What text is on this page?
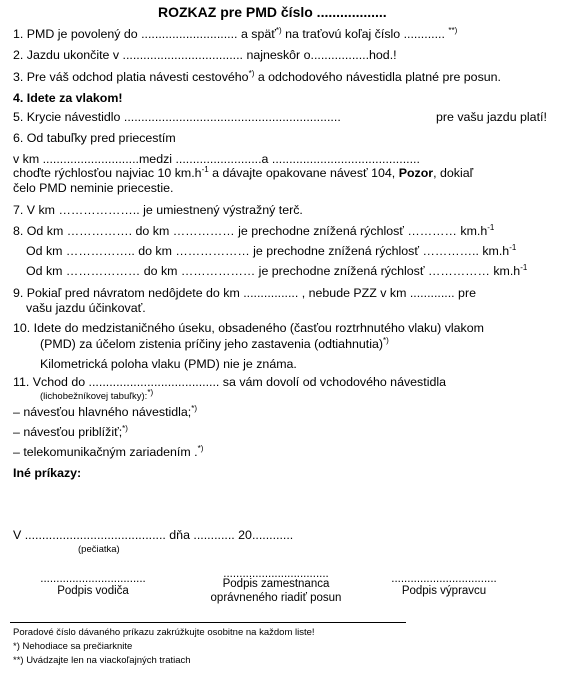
ROZKAZ pre PMD číslo ..................
1. PMD je povolený do ............................ a späť*) na traťovú koľaj číslo ............ **)
2. Jazdu ukončite v ................................... najneskôr o.................hod.!
3. Pre váš odchod platia návesti cestového*) a odchodového návestidla platné pre posun.
4. Idete za vlakom!
5. Krycie návestidlo ...............................................................	pre vašu jazdu platí!
6. Od tabuľky pred priecestím
v km ............................medzi .........................a ...........................................
choďte rýchlosťou najviac 10 $km.h^{-1}$ a dávajte opakovane návesť 104, Pozor, dokiaľ
čelo PMD neminie priecestie.
7. V km ……………….. je umiestnený výstražný terč.
8. Od km ……………. do km …………… je prechodne znížená rýchlosť ………… $km.h^{-1}$
Od km …………….. do km ……………… je prechodne znížená rýchlosť ………….. $km.h^{-1}$
Od km ……………… do km ……………… je prechodne znížená rýchlosť …………… $km.h^{-1}$
9. Pokiaľ pred návratom nedôjdete do km ................ , nebude PZZ v km ............. pre
vašu jazdu účinkovať.
10. Idete do medzistaničného úseku, obsadeného (časťou roztrhnutého vlaku) vlakom
(PMD) za účelom zistenia príčiny jeho zastavenia (odtiahnutia)*)
Kilometrická poloha vlaku (PMD) nie je známa.
11. Vchod do ...................................... sa vám dovolí od vchodového návestidla
(lichobežníkovej tabuľky):*)
– návesťou hlavného návestidla;*)
– návesťou priblížiť;*)
– telekomunikačným zariadením .*)
Iné príkazy:
V ......................................... dňa ............ 20............
(pečiatka)
.................................
Podpis vodiča
.................................
Podpis zamestnanca
oprávneného riadiť posun
.................................
Podpis výpravcu
Poradové číslo dávaného príkazu zakrúžkujte osobitne na každom liste!
*) Nehodiace sa prečiarknite
**) Uvádzajte len na viackoľajných tratiach
